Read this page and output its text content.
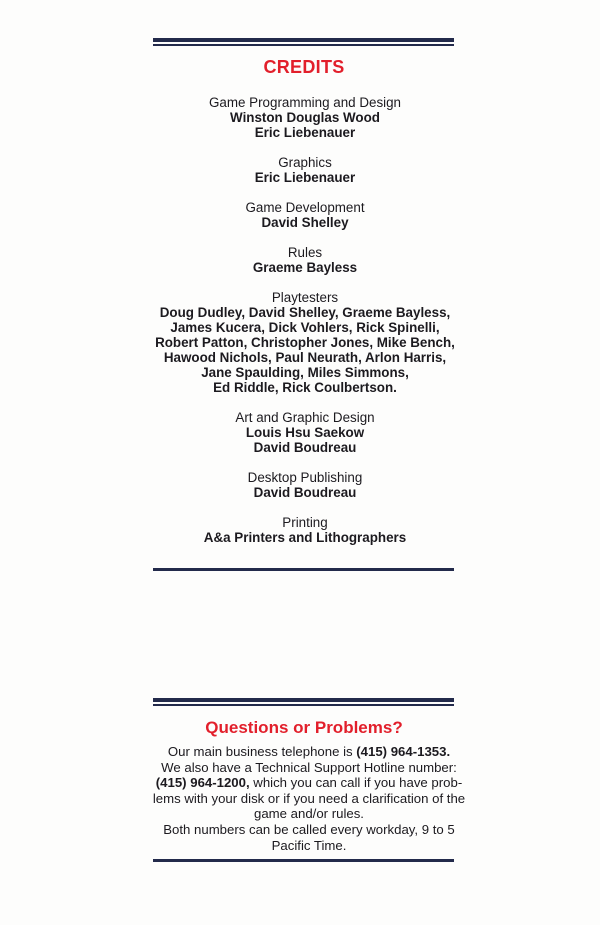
CREDITS
Game Programming and Design
Winston Douglas Wood
Eric Liebenauer
Graphics
Eric Liebenauer
Game Development
David Shelley
Rules
Graeme Bayless
Playtesters
Doug Dudley, David Shelley, Graeme Bayless,
James Kucera, Dick Vohlers, Rick Spinelli,
Robert Patton, Christopher Jones, Mike Bench,
Hawood Nichols, Paul Neurath, Arlon Harris,
Jane Spaulding, Miles Simmons,
Ed Riddle, Rick Coulbertson.
Art and Graphic Design
Louis Hsu Saekow
David Boudreau
Desktop Publishing
David Boudreau
Printing
A&a Printers and Lithographers
Questions or Problems?

Our main business telephone is (415) 964-1353.

We also have a Technical Support Hotline number:

(415) 964-1200, which you can call if you have prob-

lems with your disk or if you need a clarification of the

game and/or rules.

Both numbers can be called every workday, 9 to 5

Pacific Time.
